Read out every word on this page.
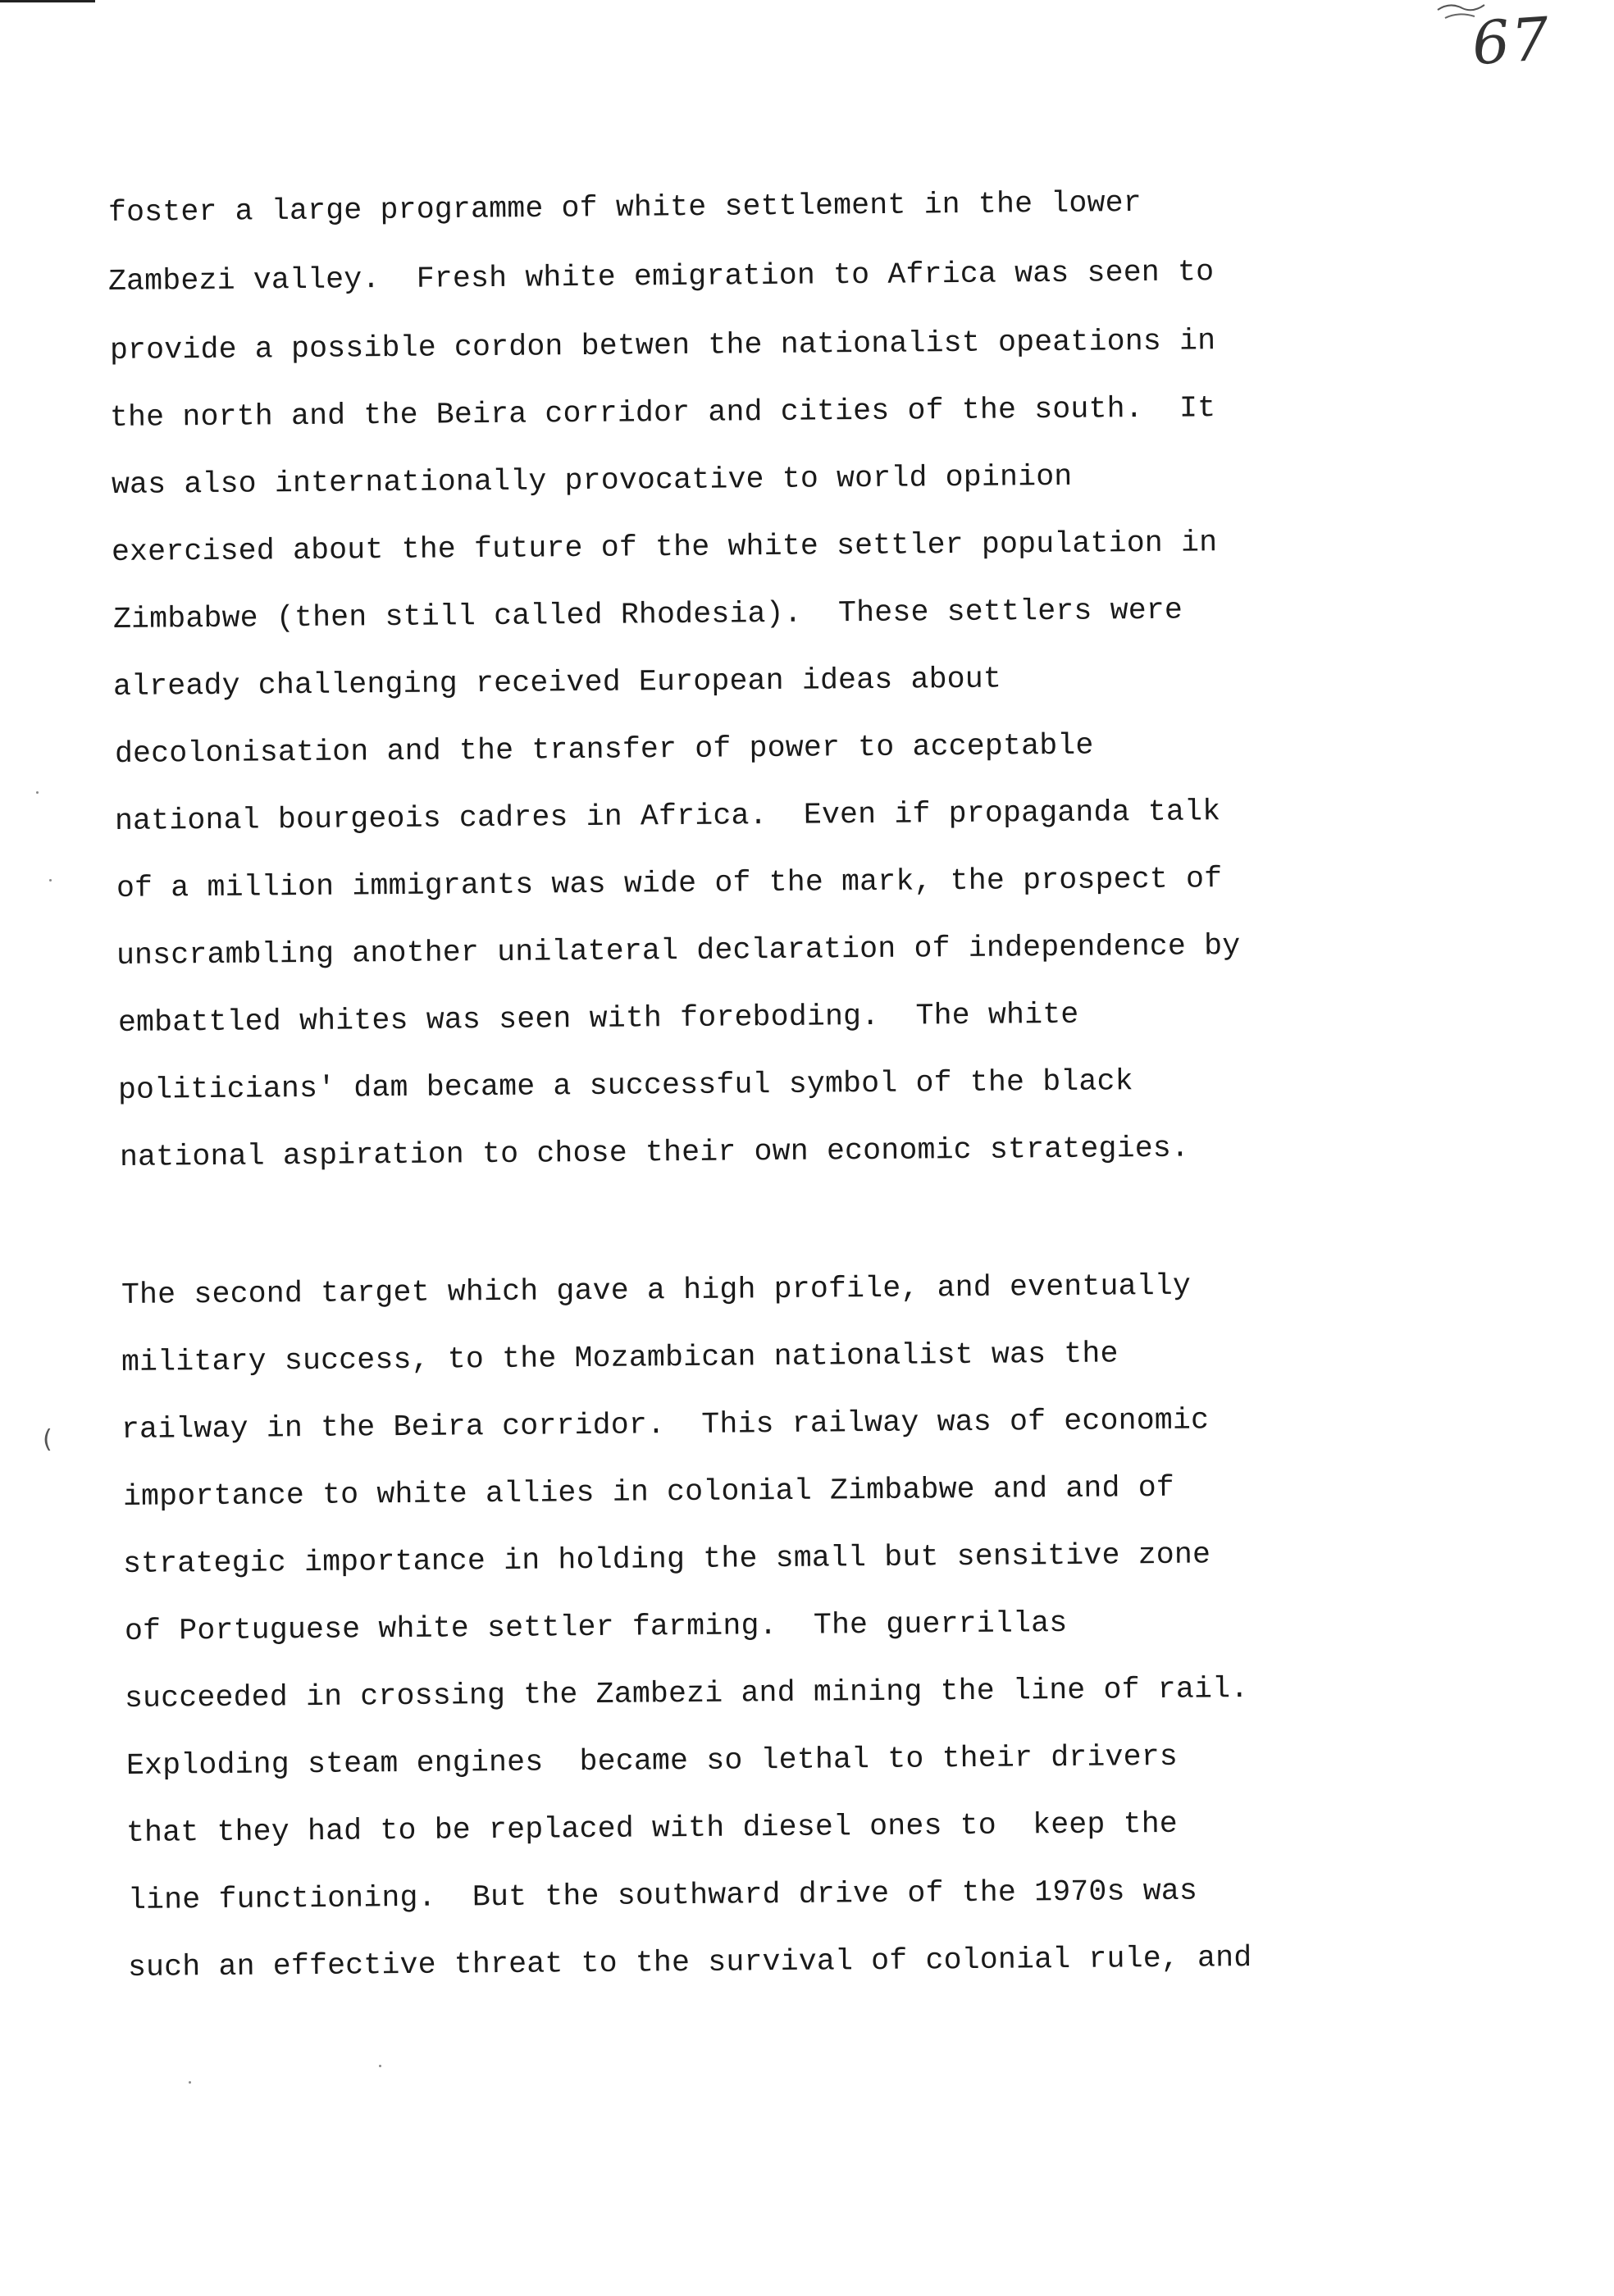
67
foster a large programme of white settlement in the lower
Zambezi valley.  Fresh white emigration to Africa was seen to
provide a possible cordon betwen the nationalist opeations in
the north and the Beira corridor and cities of the south.  It
was also internationally provocative to world opinion
exercised about the future of the white settler population in
Zimbabwe (then still called Rhodesia).  These settlers were
already challenging received European ideas about
decolonisation and the transfer of power to acceptable
national bourgeois cadres in Africa.  Even if propaganda talk
of a million immigrants was wide of the mark, the prospect of
unscrambling another unilateral declaration of independence by
embattled whites was seen with foreboding.  The white
politicians' dam became a successful symbol of the black
national aspiration to chose their own economic strategies.
The second target which gave a high profile, and eventually
military success, to the Mozambican nationalist was the
railway in the Beira corridor.  This railway was of economic
importance to white allies in colonial Zimbabwe and and of
strategic importance in holding the small but sensitive zone
of Portuguese white settler farming.  The guerrillas
succeeded in crossing the Zambezi and mining the line of rail.
Exploding steam engines  became so lethal to their drivers
that they had to be replaced with diesel ones to  keep the
line functioning.  But the southward drive of the 1970s was
such an effective threat to the survival of colonial rule, and
(
